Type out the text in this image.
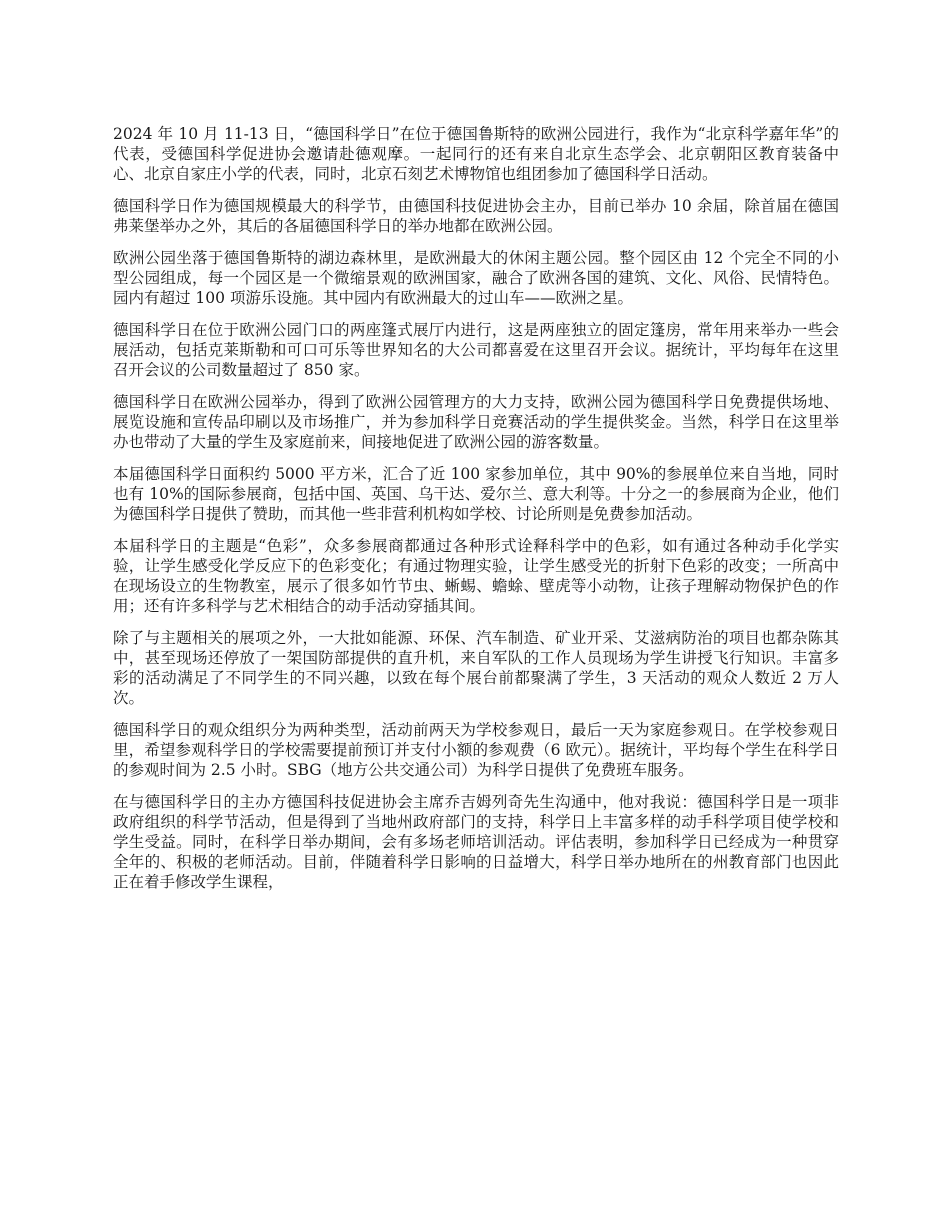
2024 年 10 月 11-13 日，“德国科学日”在位于德国鲁斯特的欧洲公园进行，我作为“北京科学嘉年华”的代表，受德国科学促进协会邀请赴德观摩。一起同行的还有来自北京生态学会、北京朝阳区教育装备中心、北京自家庄小学的代表，同时，北京石刻艺术博物馆也组团参加了德国科学日活动。

德国科学日作为德国规模最大的科学节，由德国科技促进协会主办，目前已举办 10 余届，除首届在德国弗莱堡举办之外，其后的各届德国科学日的举办地都在欧洲公园。

欧洲公园坐落于德国鲁斯特的湖边森林里，是欧洲最大的休闲主题公园。整个园区由 12 个完全不同的小型公园组成，每一个园区是一个微缩景观的欧洲国家，融合了欧洲各国的建筑、文化、风俗、民情特色。园内有超过 100 项游乐设施。其中园内有欧洲最大的过山车——欧洲之星。

德国科学日在位于欧洲公园门口的两座篷式展厅内进行，这是两座独立的固定篷房，常年用来举办一些会展活动，包括克莱斯勒和可口可乐等世界知名的大公司都喜爱在这里召开会议。据统计，平均每年在这里召开会议的公司数量超过了 850 家。

德国科学日在欧洲公园举办，得到了欧洲公园管理方的大力支持，欧洲公园为德国科学日免费提供场地、展览设施和宣传品印刷以及市场推广，并为参加科学日竞赛活动的学生提供奖金。当然，科学日在这里举办也带动了大量的学生及家庭前来，间接地促进了欧洲公园的游客数量。

本届德国科学日面积约 5000 平方米，汇合了近 100 家参加单位，其中 90%的参展单位来自当地，同时也有 10%的国际参展商，包括中国、英国、乌干达、爱尔兰、意大利等。十分之一的参展商为企业，他们为德国科学日提供了赞助，而其他一些非营利机构如学校、讨论所则是免费参加活动。

本届科学日的主题是“色彩”，众多参展商都通过各种形式诠释科学中的色彩，如有通过各种动手化学实验，让学生感受化学反应下的色彩变化；有通过物理实验，让学生感受光的折射下色彩的改变；一所高中在现场设立的生物教室，展示了很多如竹节虫、蜥蜴、蟾蜍、壁虎等小动物，让孩子理解动物保护色的作用；还有许多科学与艺术相结合的动手活动穿插其间。

除了与主题相关的展项之外，一大批如能源、环保、汽车制造、矿业开采、艾滋病防治的项目也都杂陈其中，甚至现场还停放了一架国防部提供的直升机，来自军队的工作人员现场为学生讲授飞行知识。丰富多彩的活动满足了不同学生的不同兴趣，以致在每个展台前都聚满了学生，3 天活动的观众人数近 2 万人次。

德国科学日的观众组织分为两种类型，活动前两天为学校参观日，最后一天为家庭参观日。在学校参观日里，希望参观科学日的学校需要提前预订并支付小额的参观费（6 欧元）。据统计，平均每个学生在科学日的参观时间为 2.5 小时。SBG（地方公共交通公司）为科学日提供了免费班车服务。

在与德国科学日的主办方德国科技促进协会主席乔吉姆列奇先生沟通中，他对我说：德国科学日是一项非政府组织的科学节活动，但是得到了当地州政府部门的支持，科学日上丰富多样的动手科学项目使学校和学生受益。同时，在科学日举办期间，会有多场老师培训活动。评估表明，参加科学日已经成为一种贯穿全年的、积极的老师活动。目前，伴随着科学日影响的日益增大，科学日举办地所在的州教育部门也因此正在着手修改学生课程，
